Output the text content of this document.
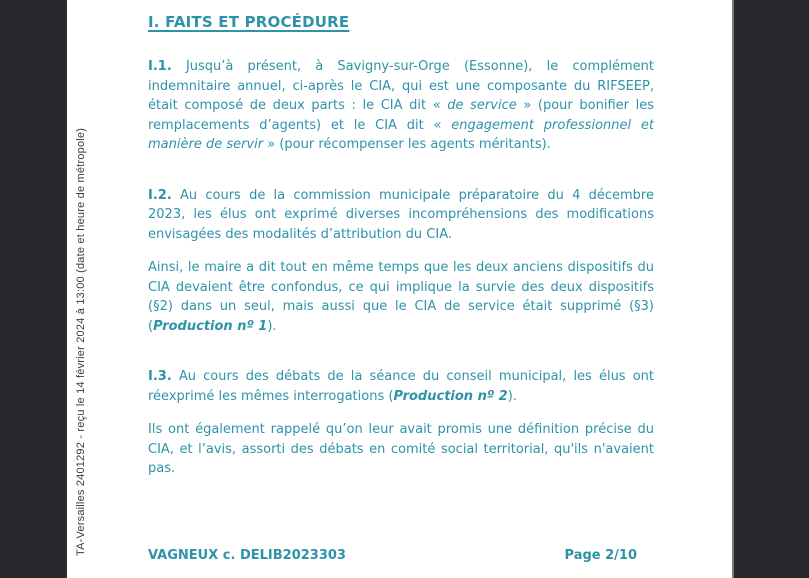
TA-Versailles 2401292 - reçu le 14 février 2024 à 13:00 (date et heure de métropole)
I. FAITS ET PROCÉDURE

I.1. Jusqu’à présent, à Savigny-sur-Orge (Essonne), le complément indemnitaire annuel, ci-après le CIA, qui est une composante du RIFSEEP, était composé de deux parts : le CIA dit « de service » (pour bonifier les remplacements d’agents) et le CIA dit « engagement professionnel et manière de servir » (pour récompenser les agents méritants).

I.2. Au cours de la commission municipale préparatoire du 4 décembre 2023, les élus ont exprimé diverses incompréhensions des modifications envisagées des modalités d’attribution du CIA.

Ainsi, le maire a dit tout en même temps que les deux anciens dispositifs du CIA devaient être confondus, ce qui implique la survie des deux dispositifs (§2) dans un seul, mais aussi que le CIA de service était supprimé (§3) (Production nº 1).

I.3. Au cours des débats de la séance du conseil municipal, les élus ont réexprimé les mêmes interrogations (Production nº 2).

Ils ont également rappelé qu’on leur avait promis une définition précise du CIA, et l’avis, assorti des débats en comité social territorial, qu'ils n'avaient pas.

VAGNEUX c. DELIB2023303	Page 2/10
